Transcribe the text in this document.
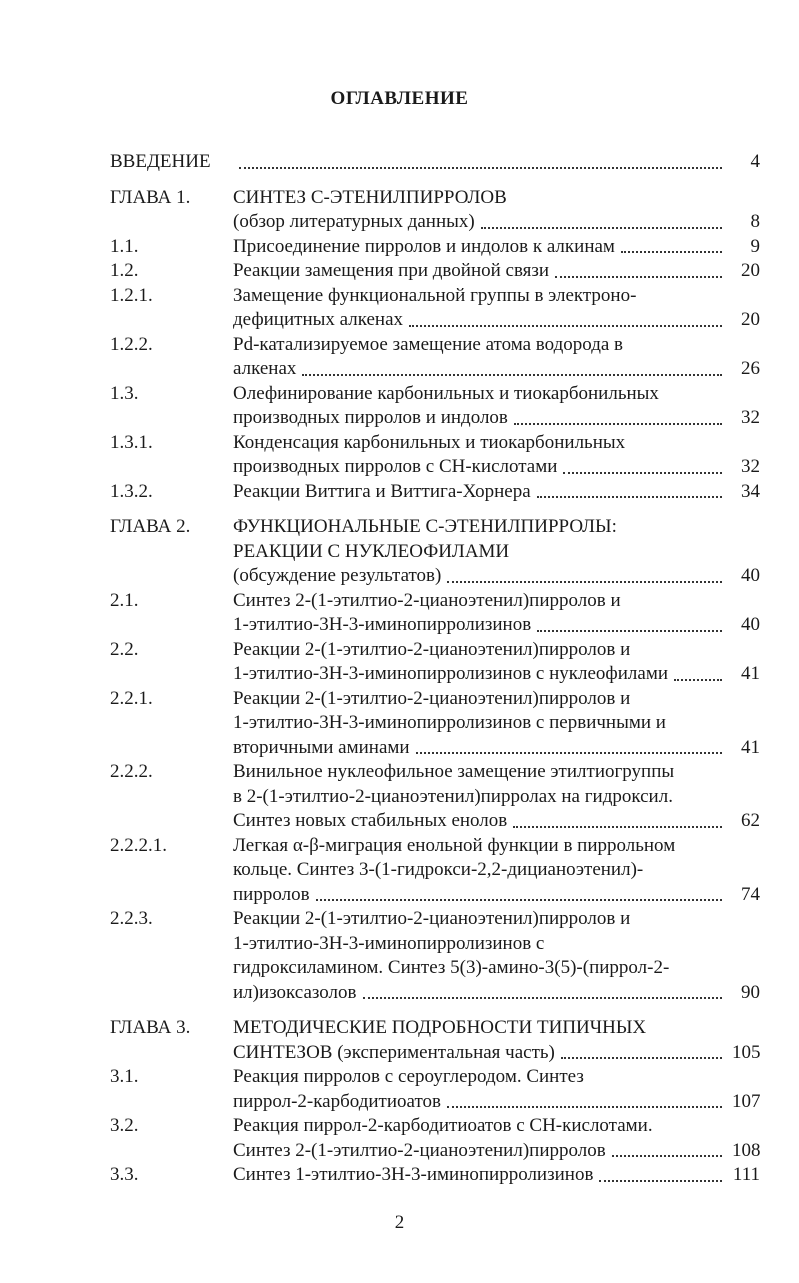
ОГЛАВЛЕНИЕ
ВВЕДЕНИЕ	4
ГЛАВА 1.	СИНТЕЗ С-ЭТЕНИЛПИРРОЛОВ
(обзор литературных данных)	8
1.1.	Присоединение пирролов и индолов к алкинам	9
1.2.	Реакции замещения при двойной связи	20
1.2.1.	Замещение функциональной группы в электроно-
дефицитных алкенах	20
1.2.2.	Pd-катализируемое замещение атома водорода в
алкенах	26
1.3.	Олефинирование карбонильных и тиокарбонильных
производных пирролов и индолов	32
1.3.1.	Конденсация карбонильных и тиокарбонильных
производных пирролов с СН-кислотами	32
1.3.2.	Реакции Виттига и Виттига-Хорнера	34
ГЛАВА 2.	ФУНКЦИОНАЛЬНЫЕ С-ЭТЕНИЛПИРРОЛЫ:
РЕАКЦИИ С НУКЛЕОФИЛАМИ
(обсуждение результатов)	40
2.1.	Синтез 2-(1-этилтио-2-цианоэтенил)пирролов и
1-этилтио-3Н-3-иминопирролизинов	40
2.2.	Реакции 2-(1-этилтио-2-цианоэтенил)пирролов и
1-этилтио-3Н-3-иминопирролизинов с нуклеофилами	41
2.2.1.	Реакции 2-(1-этилтио-2-цианоэтенил)пирролов и
1-этилтио-3Н-3-иминопирролизинов с первичными и
вторичными аминами	41
2.2.2.	Винильное нуклеофильное замещение этилтиогруппы
в 2-(1-этилтио-2-цианоэтенил)пирролах на гидроксил.
Синтез новых стабильных енолов	62
2.2.2.1.	Легкая α-β-миграция енольной функции в пиррольном
кольце. Синтез 3-(1-гидрокси-2,2-дицианоэтенил)-
пирролов	74
2.2.3.	Реакции 2-(1-этилтио-2-цианоэтенил)пирролов и
1-этилтио-3Н-3-иминопирролизинов с
гидроксиламином. Синтез 5(3)-амино-3(5)-(пиррол-2-
ил)изоксазолов	90
ГЛАВА 3.	МЕТОДИЧЕСКИЕ ПОДРОБНОСТИ ТИПИЧНЫХ
СИНТЕЗОВ (экспериментальная часть)	105
3.1.	Реакция пирролов с сероуглеродом. Синтез
пиррол-2-карбодитиоатов	107
3.2.	Реакция пиррол-2-карбодитиоатов с СН-кислотами.
Синтез 2-(1-этилтио-2-цианоэтенил)пирролов	108
3.3.	Синтез 1-этилтио-3Н-3-иминопирролизинов	111
2
